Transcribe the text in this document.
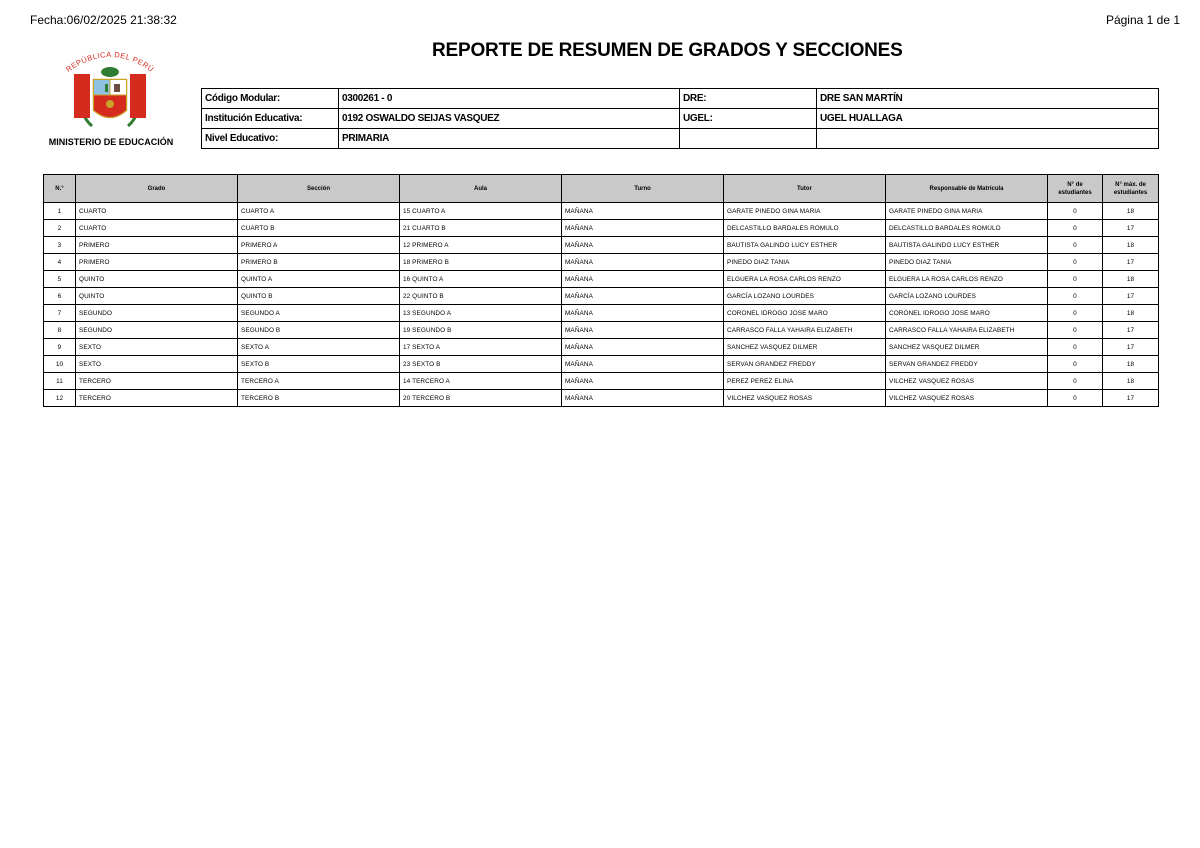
Fecha:06/02/2025 21:38:32	Página 1 de 1
REPORTE DE RESUMEN DE GRADOS Y SECCIONES
REPÚBLICA DEL PERÚ
MINISTERIO DE EDUCACIÓN
Código Modular:	0300261 - 0	DRE:	DRE SAN MARTÍN
Institución Educativa:	0192 OSWALDO SEIJAS VASQUEZ	UGEL:	UGEL HUALLAGA
Nivel Educativo:	PRIMARIA		
N.°	Grado	Sección	Aula	Turno	Tutor	Responsable de Matrícula	N° de estudiantes	N° máx. de estudiantes
1	CUARTO	CUARTO A	15 CUARTO A	MAÑANA	GARATE PINEDO GINA MARIA	GARATE PINEDO GINA MARIA	0	18
2	CUARTO	CUARTO B	21 CUARTO B	MAÑANA	DELCASTILLO BARDALES ROMULO	DELCASTILLO BARDALES ROMULO	0	17
3	PRIMERO	PRIMERO A	12 PRIMERO A	MAÑANA	BAUTISTA GALINDO LUCY ESTHER	BAUTISTA GALINDO LUCY ESTHER	0	18
4	PRIMERO	PRIMERO B	18 PRIMERO B	MAÑANA	PINEDO DIAZ TANIA	PINEDO DIAZ TANIA	0	17
5	QUINTO	QUINTO A	16 QUINTO A	MAÑANA	ELGUERA LA ROSA CARLOS RENZO	ELGUERA LA ROSA CARLOS RENZO	0	18
6	QUINTO	QUINTO B	22 QUINTO B	MAÑANA	GARCÍA LOZANO LOURDES	GARCÍA LOZANO LOURDES	0	17
7	SEGUNDO	SEGUNDO A	13 SEGUNDO A	MAÑANA	CORONEL IDROGO JOSE MARO	CORONEL IDROGO JOSE MARO	0	18
8	SEGUNDO	SEGUNDO B	19 SEGUNDO B	MAÑANA	CARRASCO FALLA YAHAIRA ELIZABETH	CARRASCO FALLA YAHAIRA ELIZABETH	0	17
9	SEXTO	SEXTO A	17 SEXTO A	MAÑANA	SANCHEZ VASQUEZ DILMER	SANCHEZ VASQUEZ DILMER	0	17
10	SEXTO	SEXTO B	23 SEXTO B	MAÑANA	SERVAN GRANDEZ FREDDY	SERVAN GRANDEZ FREDDY	0	18
11	TERCERO	TERCERO A	14 TERCERO A	MAÑANA	PEREZ PEREZ ELINA	VILCHEZ VASQUEZ ROSAS	0	18
12	TERCERO	TERCERO B	20 TERCERO B	MAÑANA	VILCHEZ VASQUEZ ROSAS	VILCHEZ VASQUEZ ROSAS	0	17
